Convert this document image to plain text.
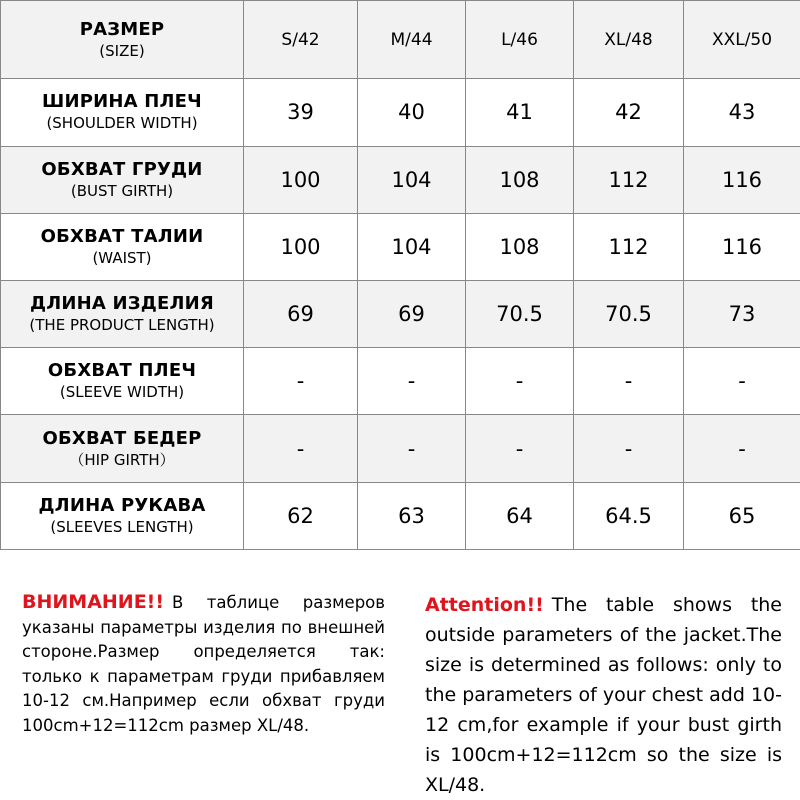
РАЗМЕР
(SIZE)	S/42	M/44	L/46	XL/48	XXL/50

ШИРИНА ПЛЕЧ
(SHOULDER WIDTH)	39	40	41	42	43

ОБХВАТ ГРУДИ
(BUST GIRTH)	100	104	108	112	116

ОБХВАТ ТАЛИИ
(WAIST)	100	104	108	112	116

ДЛИНА ИЗДЕЛИЯ
(THE PRODUCT LENGTH)	69	69	70.5	70.5	73

ОБХВАТ ПЛЕЧ
(SLEEVE WIDTH)	-	-	-	-	-

ОБХВАТ БЕДЕР
（HIP GIRTH）	-	-	-	-	-

ДЛИНА РУКАВА
(SLEEVES LENGTH)	62	63	64	64.5	65
ВНИМАНИЕ!! В таблице размеров указаны параметры изделия по внешней стороне.Размер определяется так: только к параметрам груди прибавляем 10-12 см.Например если обхват груди 100cm+12=112cm размер XL/48.
Attention!! The table shows the outside parameters of the jacket.The size is determined as follows: only to the parameters of your chest add 10-12 cm,for example if your bust girth is 100cm+12=112cm so the size is XL/48.
